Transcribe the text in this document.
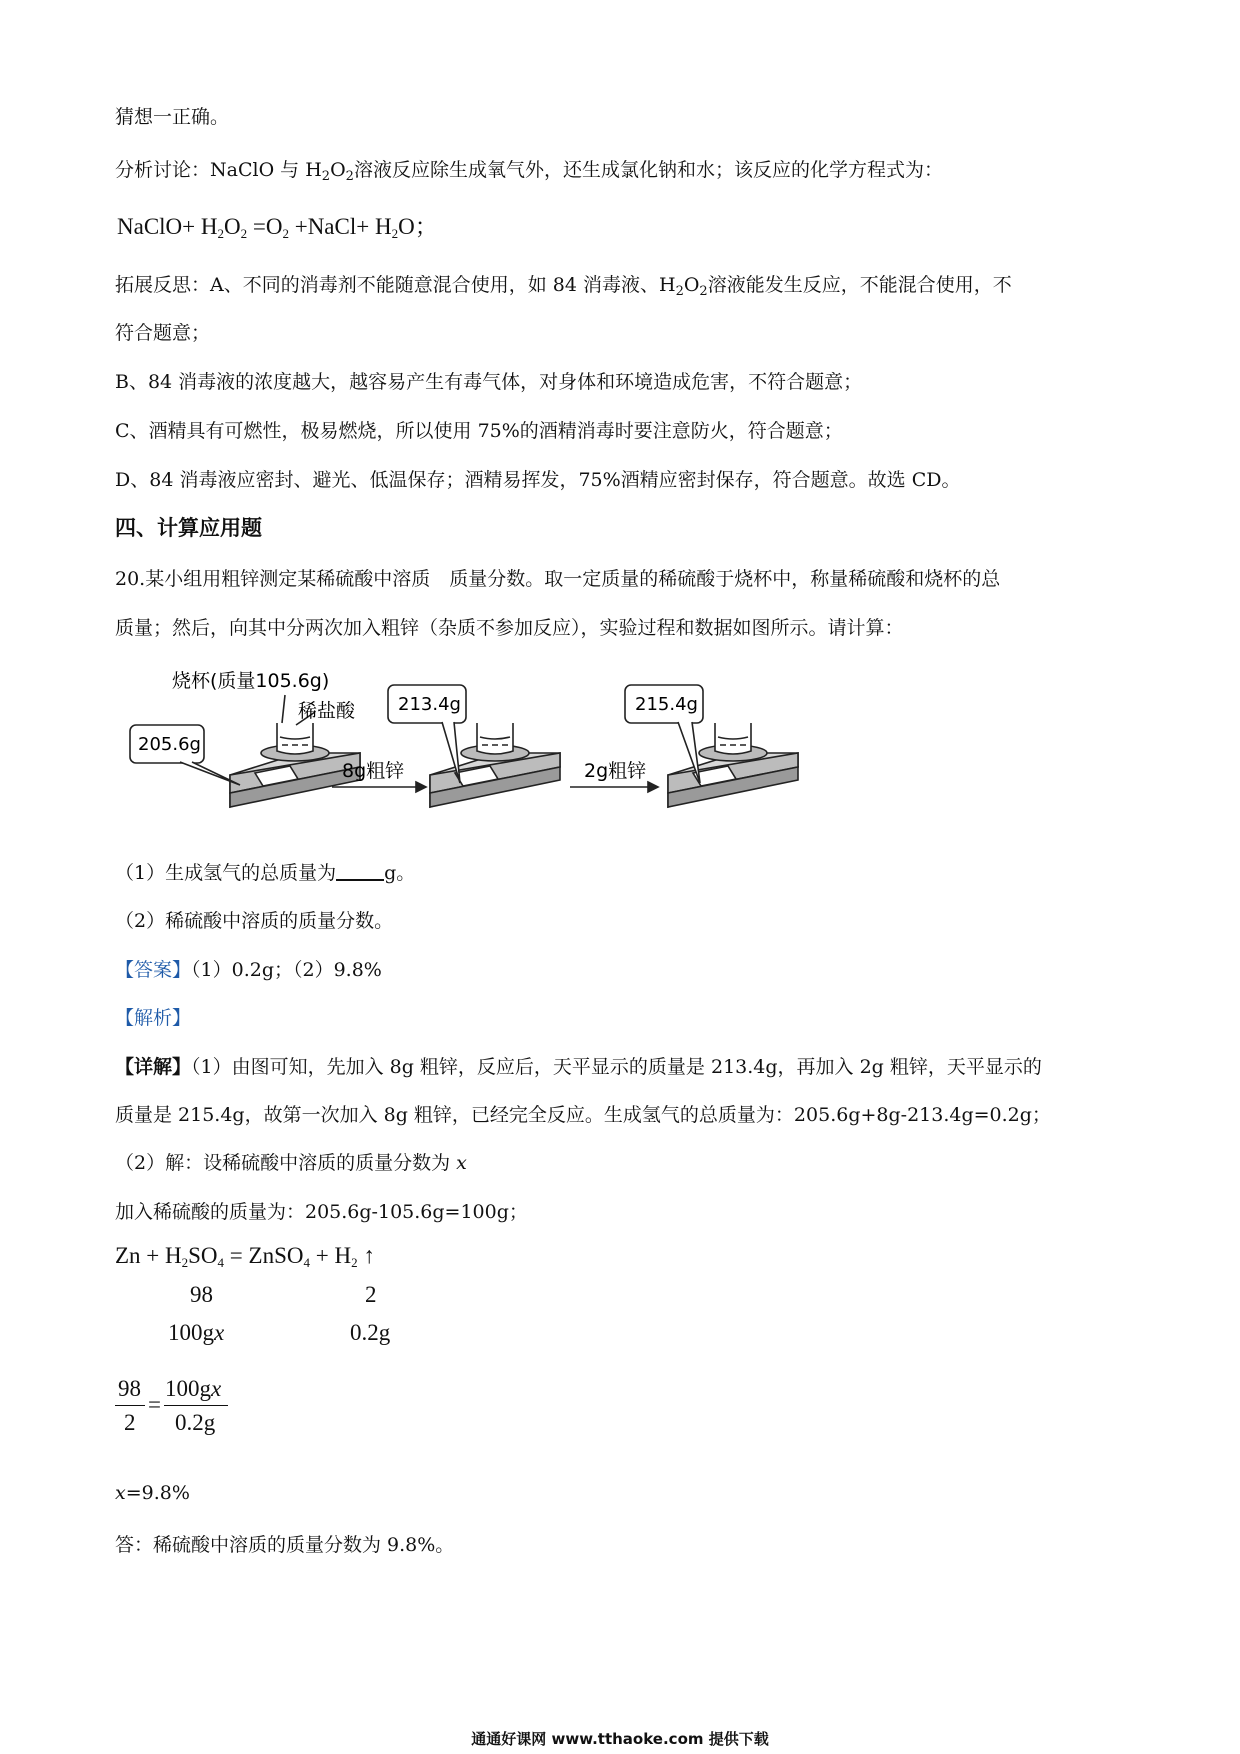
猜想一正确。
分析讨论：NaClO 与 $H_2O_2$溶液反应除生成氧气外，还生成氯化钠和水；该反应的化学方程式为：
NaClO+ $H_2O_2 =O_2$ +NaCl+ $H_2O$；
拓展反思：A、不同的消毒剂不能随意混合使用，如 84 消毒液、$H_2O_2$溶液能发生反应，不能混合使用，不
符合题意；
B、84 消毒液的浓度越大，越容易产生有毒气体，对身体和环境造成危害，不符合题意；
C、酒精具有可燃性，极易燃烧，所以使用 75%的酒精消毒时要注意防火，符合题意；
D、84 消毒液应密封、避光、低温保存；酒精易挥发，75%酒精应密封保存，符合题意。故选 CD。
四、计算应用题
20.某小组用粗锌测定某稀硫酸中溶质　质量分数。取一定质量的稀硫酸于烧杯中，称量稀硫酸和烧杯的总
质量；然后，向其中分两次加入粗锌（杂质不参加反应），实验过程和数据如图所示。请计算：
烧杯(质量105.6g)
稀盐酸
205.6g
213.4g	215.4g
8g粗锌	2g粗锌
（1）生成氢气的总质量为	g。
（2）稀硫酸中溶质的质量分数。
【答案】（1）0.2g；（2）9.8%
【解析】
【详解】（1）由图可知，先加入 8g 粗锌，反应后，天平显示的质量是 213.4g，再加入 2g 粗锌，天平显示的
质量是 215.4g，故第一次加入 8g 粗锌，已经完全反应。生成氢气的总质量为：205.6g+8g-213.4g=0.2g；
（2）解：设稀硫酸中溶质的质量分数为 x
加入稀硫酸的质量为：205.6g-105.6g=100g；
$Zn + H_2SO_4$ = ZnSO$_4$ + $H_2$ ↑
98	2
100gx	0.2g
98
2
=
100gx
0.2g
x=9.8%
答：稀硫酸中溶质的质量分数为 9.8%。
通通好课网 www.tthaoke.com 提供下载
